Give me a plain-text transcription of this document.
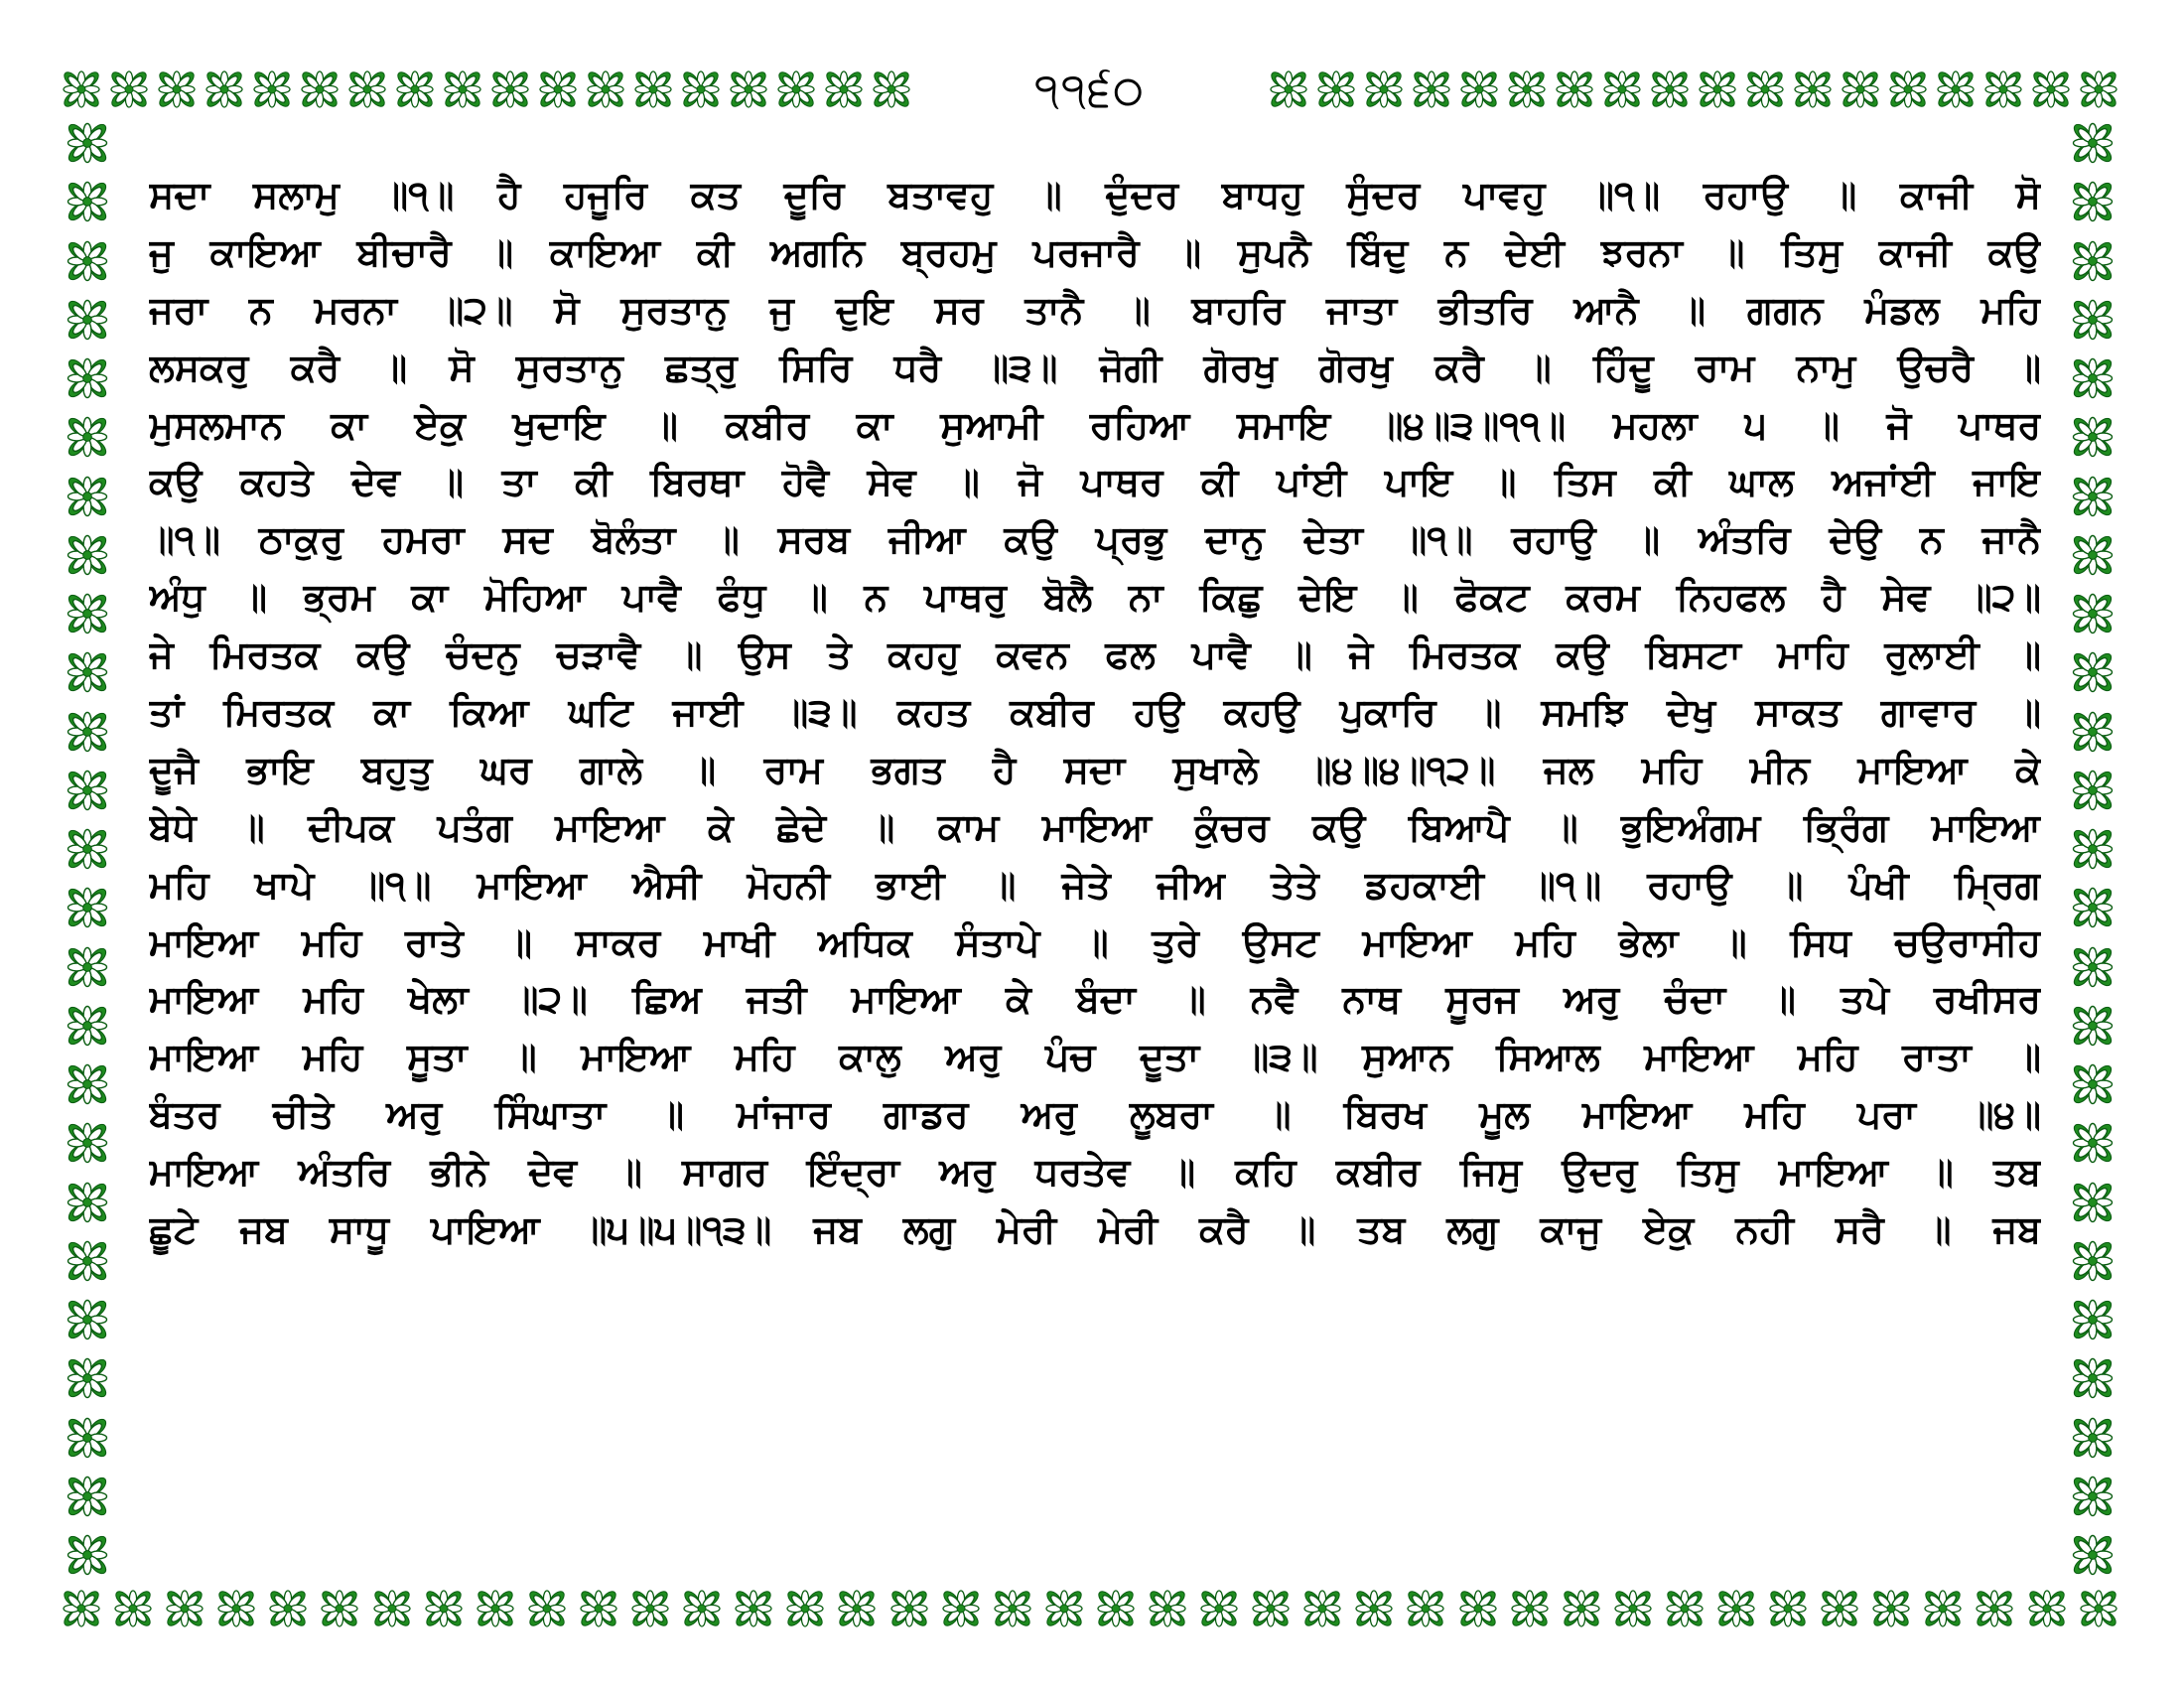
੧੧੬੦
ਸਦਾ ਸਲਾਮੁ ॥੧॥ ਹੈ ਹਜੂਰਿ ਕਤ ਦੂਰਿ ਬਤਾਵਹੁ ॥ ਦੁੰਦਰ ਬਾਧਹੁ ਸੁੰਦਰ ਪਾਵਹੁ ॥੧॥ ਰਹਾਉ ॥ ਕਾਜੀ ਸੋ
ਜੁ ਕਾਇਆ ਬੀਚਾਰੈ ॥ ਕਾਇਆ ਕੀ ਅਗਨਿ ਬ੍ਰਹਮੁ ਪਰਜਾਰੈ ॥ ਸੁਪਨੈ ਬਿੰਦੁ ਨ ਦੇਈ ਝਰਨਾ ॥ ਤਿਸੁ ਕਾਜੀ ਕਉ
ਜਰਾ ਨ ਮਰਨਾ ॥੨॥ ਸੋ ਸੁਰਤਾਨੁ ਜੁ ਦੁਇ ਸਰ ਤਾਨੈ ॥ ਬਾਹਰਿ ਜਾਤਾ ਭੀਤਰਿ ਆਨੈ ॥ ਗਗਨ ਮੰਡਲ ਮਹਿ
ਲਸਕਰੁ ਕਰੈ ॥ ਸੋ ਸੁਰਤਾਨੁ ਛਤ੍ਰੁ ਸਿਰਿ ਧਰੈ ॥੩॥ ਜੋਗੀ ਗੋਰਖੁ ਗੋਰਖੁ ਕਰੈ ॥ ਹਿੰਦੂ ਰਾਮ ਨਾਮੁ ਉਚਰੈ ॥
ਮੁਸਲਮਾਨ ਕਾ ਏਕੁ ਖੁਦਾਇ ॥ ਕਬੀਰ ਕਾ ਸੁਆਮੀ ਰਹਿਆ ਸਮਾਇ ॥੪॥੩॥੧੧॥ ਮਹਲਾ ੫ ॥ ਜੋ ਪਾਥਰ
ਕਉ ਕਹਤੇ ਦੇਵ ॥ ਤਾ ਕੀ ਬਿਰਥਾ ਹੋਵੈ ਸੇਵ ॥ ਜੋ ਪਾਥਰ ਕੀ ਪਾਂਈ ਪਾਇ ॥ ਤਿਸ ਕੀ ਘਾਲ ਅਜਾਂਈ ਜਾਇ
॥੧॥ ਠਾਕੁਰੁ ਹਮਰਾ ਸਦ ਬੋਲੰਤਾ ॥ ਸਰਬ ਜੀਆ ਕਉ ਪ੍ਰਭੁ ਦਾਨੁ ਦੇਤਾ ॥੧॥ ਰਹਾਉ ॥ ਅੰਤਰਿ ਦੇਉ ਨ ਜਾਨੈ
ਅੰਧੁ ॥ ਭ੍ਰਮ ਕਾ ਮੋਹਿਆ ਪਾਵੈ ਫੰਧੁ ॥ ਨ ਪਾਥਰੁ ਬੋਲੈ ਨਾ ਕਿਛੁ ਦੇਇ ॥ ਫੋਕਟ ਕਰਮ ਨਿਹਫਲ ਹੈ ਸੇਵ ॥੨॥
ਜੇ ਮਿਰਤਕ ਕਉ ਚੰਦਨੁ ਚੜਾਵੈ ॥ ਉਸ ਤੇ ਕਹਹੁ ਕਵਨ ਫਲ ਪਾਵੈ ॥ ਜੇ ਮਿਰਤਕ ਕਉ ਬਿਸਟਾ ਮਾਹਿ ਰੁਲਾਈ ॥
ਤਾਂ ਮਿਰਤਕ ਕਾ ਕਿਆ ਘਟਿ ਜਾਈ ॥੩॥ ਕਹਤ ਕਬੀਰ ਹਉ ਕਹਉ ਪੁਕਾਰਿ ॥ ਸਮਝਿ ਦੇਖੁ ਸਾਕਤ ਗਾਵਾਰ ॥
ਦੂਜੈ ਭਾਇ ਬਹੁਤੁ ਘਰ ਗਾਲੇ ॥ ਰਾਮ ਭਗਤ ਹੈ ਸਦਾ ਸੁਖਾਲੇ ॥੪॥੪॥੧੨॥ ਜਲ ਮਹਿ ਮੀਨ ਮਾਇਆ ਕੇ
ਬੇਧੇ ॥ ਦੀਪਕ ਪਤੰਗ ਮਾਇਆ ਕੇ ਛੇਦੇ ॥ ਕਾਮ ਮਾਇਆ ਕੁੰਚਰ ਕਉ ਬਿਆਪੈ ॥ ਭੁਇਅੰਗਮ ਭ੍ਰਿੰਗ ਮਾਇਆ
ਮਹਿ ਖਾਪੇ ॥੧॥ ਮਾਇਆ ਐਸੀ ਮੋਹਨੀ ਭਾਈ ॥ ਜੇਤੇ ਜੀਅ ਤੇਤੇ ਡਹਕਾਈ ॥੧॥ ਰਹਾਉ ॥ ਪੰਖੀ ਮ੍ਰਿਗ
ਮਾਇਆ ਮਹਿ ਰਾਤੇ ॥ ਸਾਕਰ ਮਾਖੀ ਅਧਿਕ ਸੰਤਾਪੇ ॥ ਤੁਰੇ ਉਸਟ ਮਾਇਆ ਮਹਿ ਭੇਲਾ ॥ ਸਿਧ ਚਉਰਾਸੀਹ
ਮਾਇਆ ਮਹਿ ਖੇਲਾ ॥੨॥ ਛਿਅ ਜਤੀ ਮਾਇਆ ਕੇ ਬੰਦਾ ॥ ਨਵੈ ਨਾਥ ਸੂਰਜ ਅਰੁ ਚੰਦਾ ॥ ਤਪੇ ਰਖੀਸਰ
ਮਾਇਆ ਮਹਿ ਸੂਤਾ ॥ ਮਾਇਆ ਮਹਿ ਕਾਲੁ ਅਰੁ ਪੰਚ ਦੂਤਾ ॥੩॥ ਸੁਆਨ ਸਿਆਲ ਮਾਇਆ ਮਹਿ ਰਾਤਾ ॥
ਬੰਤਰ ਚੀਤੇ ਅਰੁ ਸਿੰਘਾਤਾ ॥ ਮਾਂਜਾਰ ਗਾਡਰ ਅਰੁ ਲੂਬਰਾ ॥ ਬਿਰਖ ਮੂਲ ਮਾਇਆ ਮਹਿ ਪਰਾ ॥੪॥
ਮਾਇਆ ਅੰਤਰਿ ਭੀਨੇ ਦੇਵ ॥ ਸਾਗਰ ਇੰਦ੍ਰਾ ਅਰੁ ਧਰਤੇਵ ॥ ਕਹਿ ਕਬੀਰ ਜਿਸੁ ਉਦਰੁ ਤਿਸੁ ਮਾਇਆ ॥ ਤਬ
ਛੂਟੇ ਜਬ ਸਾਧੂ ਪਾਇਆ ॥੫॥੫॥੧੩॥ ਜਬ ਲਗੁ ਮੇਰੀ ਮੇਰੀ ਕਰੈ ॥ ਤਬ ਲਗੁ ਕਾਜੁ ਏਕੁ ਨਹੀ ਸਰੈ ॥ ਜਬ
